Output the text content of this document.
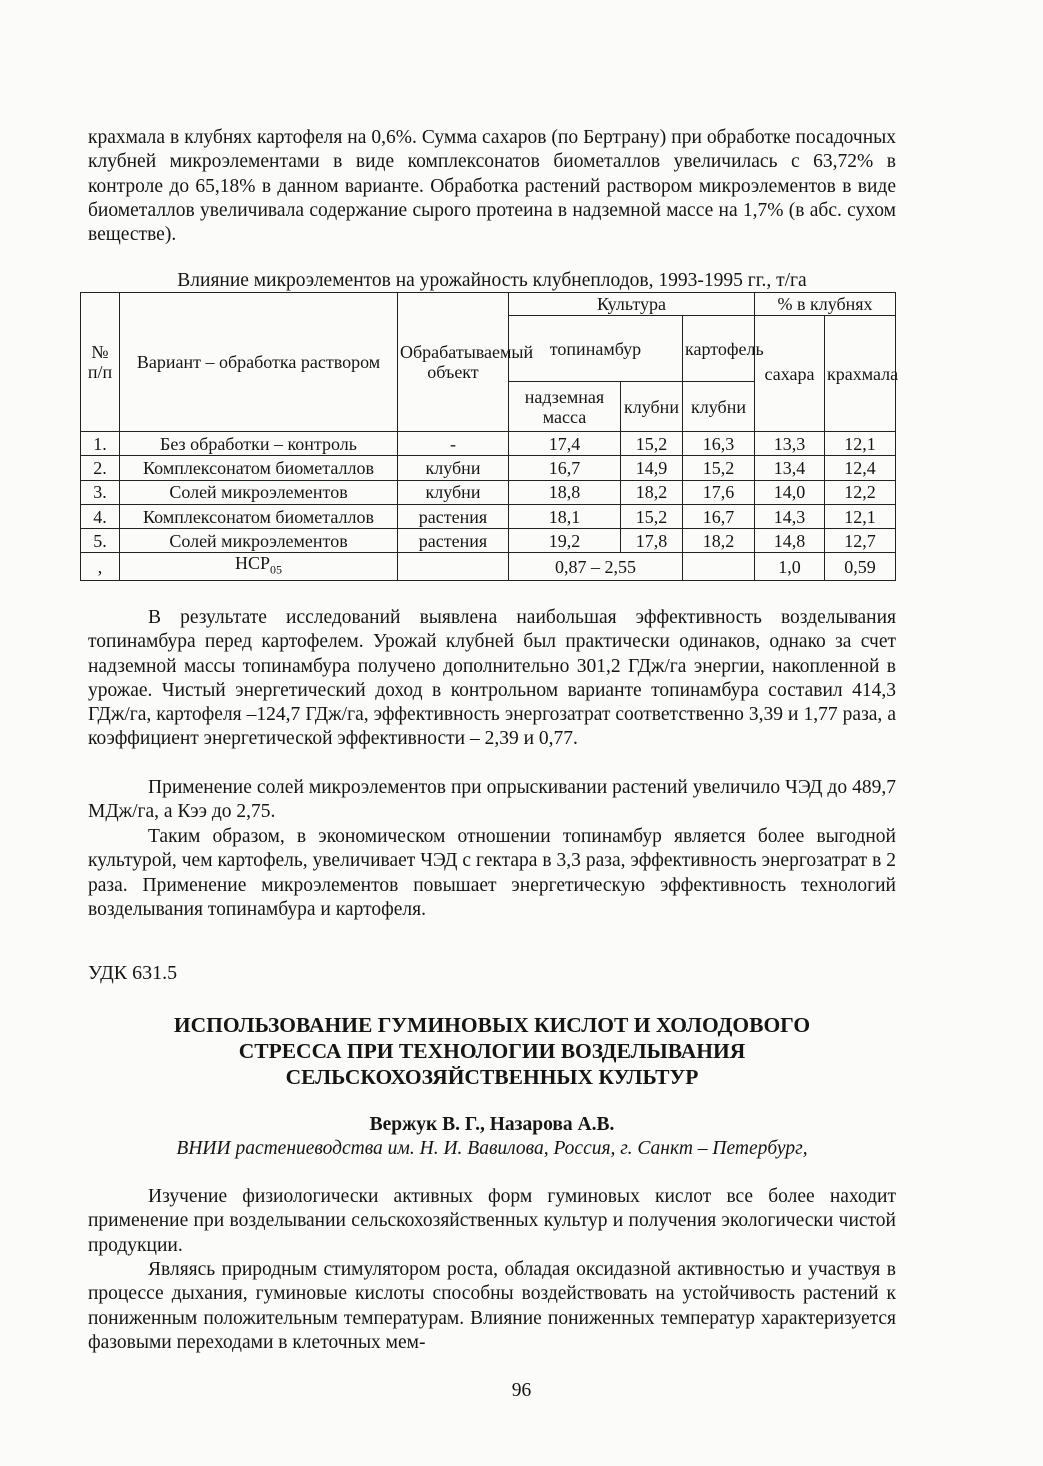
крахмала в клубнях картофеля на 0,6%. Сумма сахаров (по Бертрану) при обработке посадочных клубней микроэлементами в виде комплексонатов биометаллов увеличилась с 63,72% в контроле до 65,18% в данном варианте. Обработка растений раствором микроэлементов в виде биометаллов увеличивала содержание сырого протеина в надземной массе на 1,7% (в абс. сухом веществе).

Влияние микроэлементов на урожайность клубнеплодов, 1993-1995 гг., т/га

№ п/п	Вариант – обработка раствором	Обрабатываемый объект	Культура			% в клубнях	
			топинамбур		картофель	сахара	крахмала
			надземная масса	клубни	клубни		
1.	Без обработки – контроль	-	17,4	15,2	16,3	13,3	12,1
2.	Комплексонатом биометаллов	клубни	16,7	14,9	15,2	13,4	12,4
3.	Солей микроэлементов	клубни	18,8	18,2	17,6	14,0	12,2
4.	Комплексонатом биометаллов	растения	18,1	15,2	16,7	14,3	12,1
5.	Солей микроэлементов	растения	19,2	17,8	18,2	14,8	12,7
,	$НСР_{05}$		0,87 – 2,55			1,0	0,59

В результате исследований выявлена наибольшая эффективность возделывания топинамбура перед картофелем. Урожай клубней был практически одинаков, однако за счет надземной массы топинамбура получено дополнительно 301,2 ГДж/га энергии, накопленной в урожае. Чистый энергетический доход в контрольном варианте топинамбура составил 414,3 ГДж/га, картофеля –124,7 ГДж/га, эффективность энергозатрат соответственно 3,39 и 1,77 раза, а коэффициент энергетической эффективности – 2,39 и 0,77.

Применение солей микроэлементов при опрыскивании растений увеличило ЧЭД до 489,7 МДж/га, а Кээ до 2,75.

Таким образом, в экономическом отношении топинамбур является более выгодной культурой, чем картофель, увеличивает ЧЭД с гектара в 3,3 раза, эффективность энергозатрат в 2 раза. Применение микроэлементов повышает энергетическую эффективность технологий возделывания топинамбура и картофеля.

УДК 631.5

ИСПОЛЬЗОВАНИЕ ГУМИНОВЫХ КИСЛОТ И ХОЛОДОВОГО
СТРЕССА ПРИ ТЕХНОЛОГИИ ВОЗДЕЛЫВАНИЯ
СЕЛЬСКОХОЗЯЙСТВЕННЫХ КУЛЬТУР
Вержук В. Г., Назарова А.В.
ВНИИ растениеводства им. Н. И. Вавилова, Россия, г. Санкт – Петербург,

Изучение физиологически активных форм гуминовых кислот все более находит применение при возделывании сельскохозяйственных культур и получения экологически чистой продукции.

Являясь природным стимулятором роста, обладая оксидазной активностью и участвуя в процессе дыхания, гуминовые кислоты способны воздействовать на устойчивость растений к пониженным положительным температурам. Влияние пониженных температур характеризуется фазовыми переходами в клеточных мем-

96
